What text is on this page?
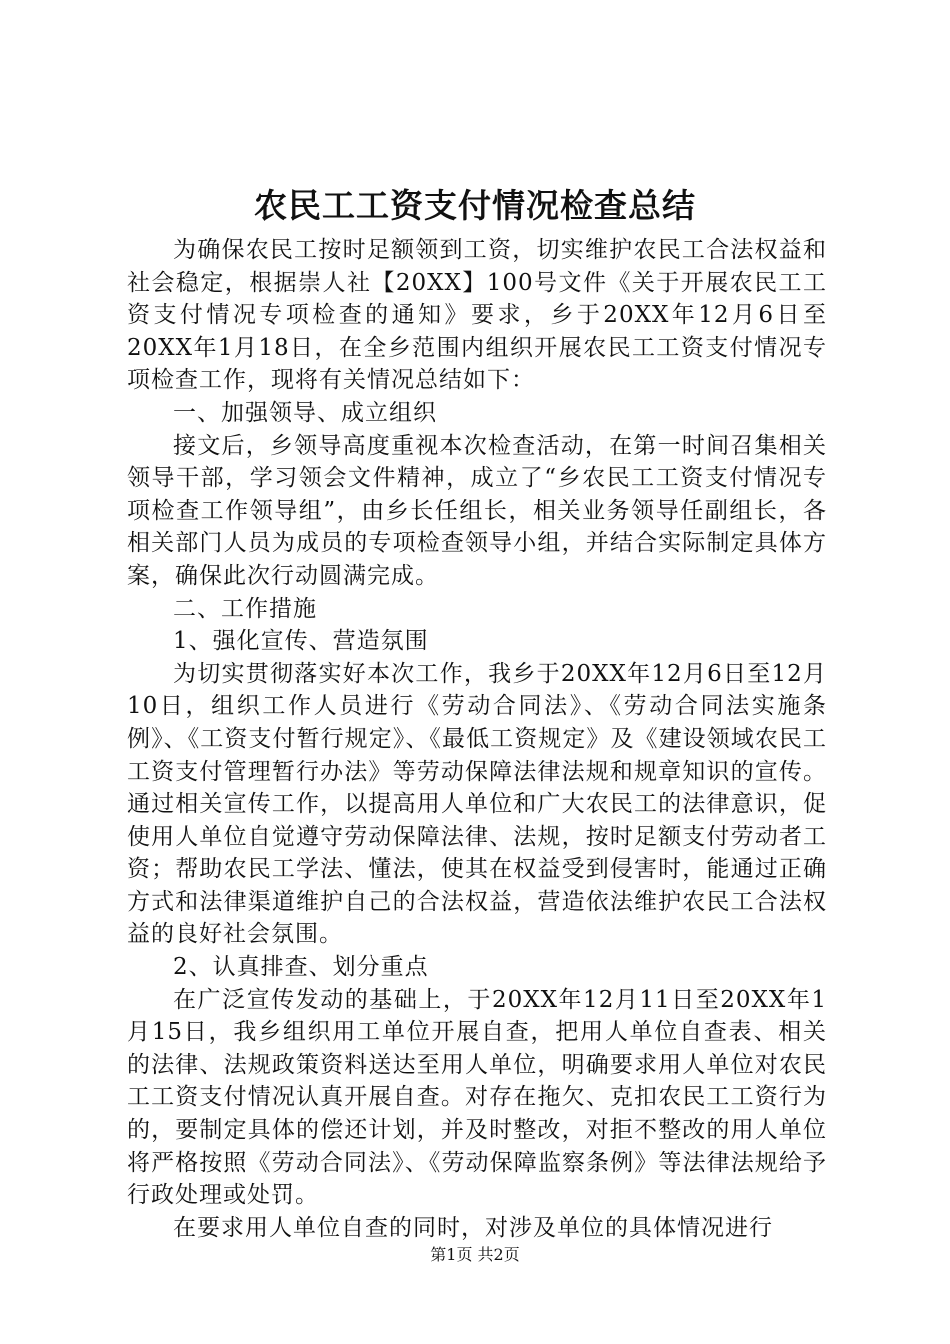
农民工工资支付情况检查总结

为确保农民工按时足额领到工资，切实维护农民工合法权益和社会稳定，根据崇人社【20XX】100号文件《关于开展农民工工资支付情况专项检查的通知》要求，乡于20XX年12月6日至20XX年1月18日，在全乡范围内组织开展农民工工资支付情况专项检查工作，现将有关情况总结如下：

一、加强领导、成立组织

接文后，乡领导高度重视本次检查活动，在第一时间召集相关领导干部，学习领会文件精神，成立了“乡农民工工资支付情况专项检查工作领导组”，由乡长任组长，相关业务领导任副组长，各相关部门人员为成员的专项检查领导小组，并结合实际制定具体方案，确保此次行动圆满完成。

二、工作措施

1、强化宣传、营造氛围

为切实贯彻落实好本次工作，我乡于20XX年12月6日至12月10日，组织工作人员进行《劳动合同法》、《劳动合同法实施条例》、《工资支付暂行规定》、《最低工资规定》及《建设领域农民工工资支付管理暂行办法》等劳动保障法律法规和规章知识的宣传。通过相关宣传工作，以提高用人单位和广大农民工的法律意识，促使用人单位自觉遵守劳动保障法律、法规，按时足额支付劳动者工资；帮助农民工学法、懂法，使其在权益受到侵害时，能通过正确方式和法律渠道维护自己的合法权益，营造依法维护农民工合法权益的良好社会氛围。

2、认真排查、划分重点

在广泛宣传发动的基础上，于20XX年12月11日至20XX年1月15日，我乡组织用工单位开展自查，把用人单位自查表、相关的法律、法规政策资料送达至用人单位，明确要求用人单位对农民工工资支付情况认真开展自查。对存在拖欠、克扣农民工工资行为的，要制定具体的偿还计划，并及时整改，对拒不整改的用人单位将严格按照《劳动合同法》、《劳动保障监察条例》等法律法规给予行政处理或处罚。

在要求用人单位自查的同时，对涉及单位的具体情况进行

第1页 共2页
